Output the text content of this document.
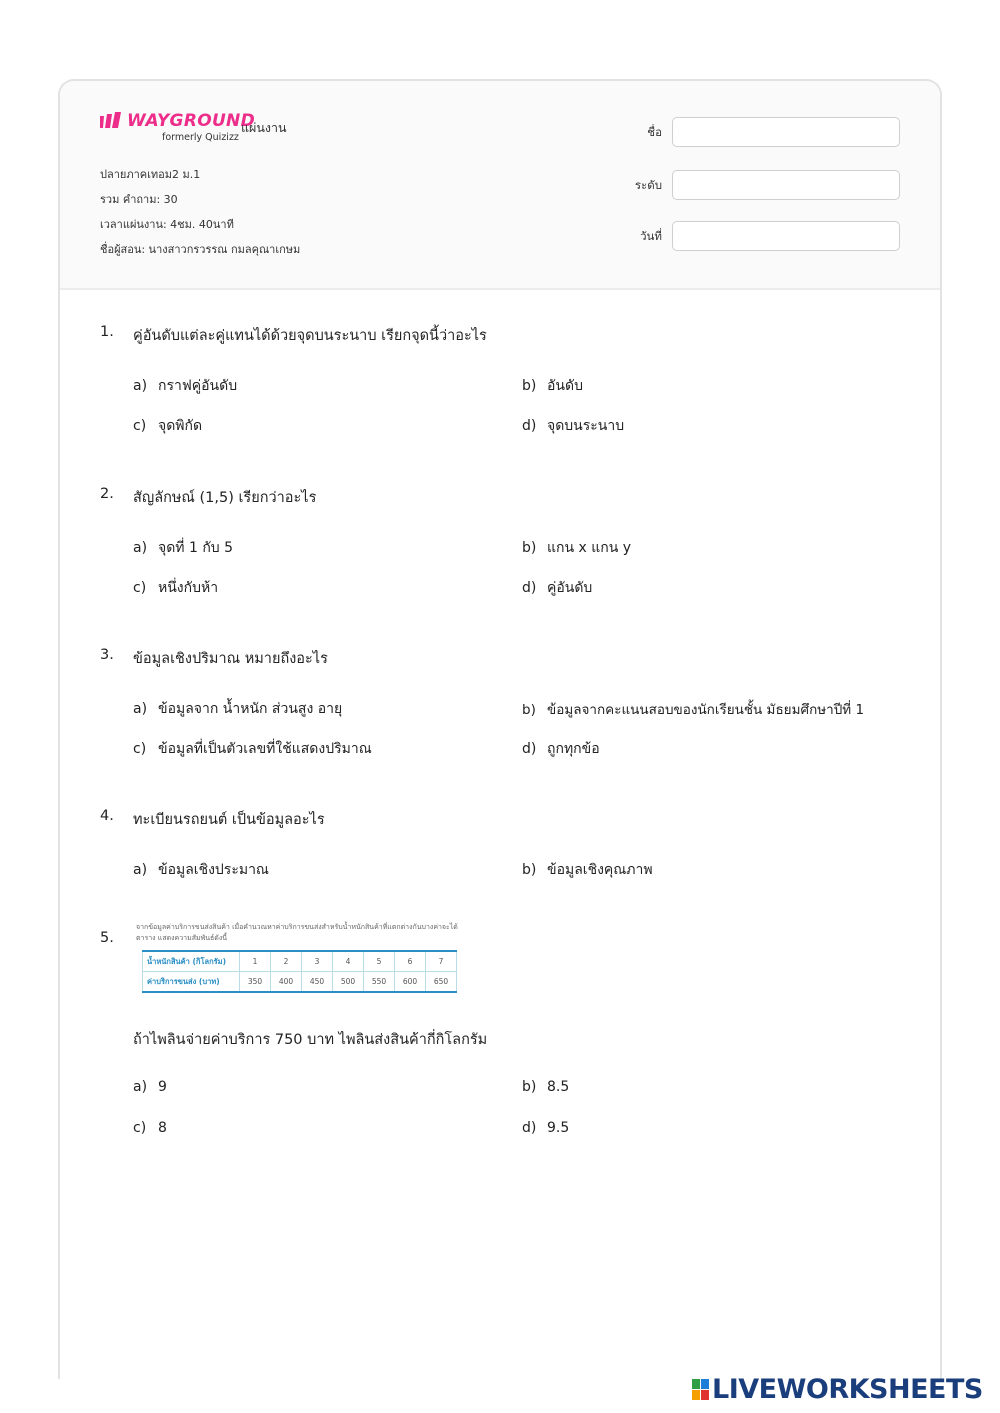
WAYGROUND
formerly Quizizz
แผ่นงาน
ปลายภาคเทอม2 ม.1
รวม คำถาม: 30
เวลาแผ่นงาน: 4ชม. 40นาที
ชื่อผู้สอน: นางสาวกรวรรณ กมลคุณาเกษม
ชื่อ
ระดับ
วันที่
1. คู่อันดับแต่ละคู่แทนได้ด้วยจุดบนระนาบ เรียกจุดนี้ว่าอะไร
a) กราฟคู่อันดับ	b) อันดับ
c) จุดพิกัด	d) จุดบนระนาบ
2. สัญลักษณ์ (1,5) เรียกว่าอะไร
a) จุดที่ 1 กับ 5	b) แกน x แกน y
c) หนึ่งกับห้า	d) คู่อันดับ
3. ข้อมูลเชิงปริมาณ หมายถึงอะไร
a) ข้อมูลจาก น้ำหนัก ส่วนสูง อายุ	b) ข้อมูลจากคะแนนสอบของนักเรียนชั้น มัธยมศึกษาปีที่ 1
c) ข้อมูลที่เป็นตัวเลขที่ใช้แสดงปริมาณ	d) ถูกทุกข้อ
4. ทะเบียนรถยนต์ เป็นข้อมูลอะไร
a) ข้อมูลเชิงประมาณ	b) ข้อมูลเชิงคุณภาพ
5.
จากข้อมูลค่าบริการขนส่งสินค้า เมื่อคำนวณหาค่าบริการขนส่งสำหรับน้ำหนักสินค้าที่แตกต่างกันบางค่าจะได้ตาราง แสดงความสัมพันธ์ดังนี้
น้ำหนักสินค้า (กิโลกรัม)	1	2	3	4	5	6	7
ค่าบริการขนส่ง (บาท)	350	400	450	500	550	600	650
ถ้าไพลินจ่ายค่าบริการ 750 บาท ไพลินส่งสินค้ากี่กิโลกรัม
a) 9	b) 8.5
c) 8	d) 9.5
LIVEWORKSHEETS
